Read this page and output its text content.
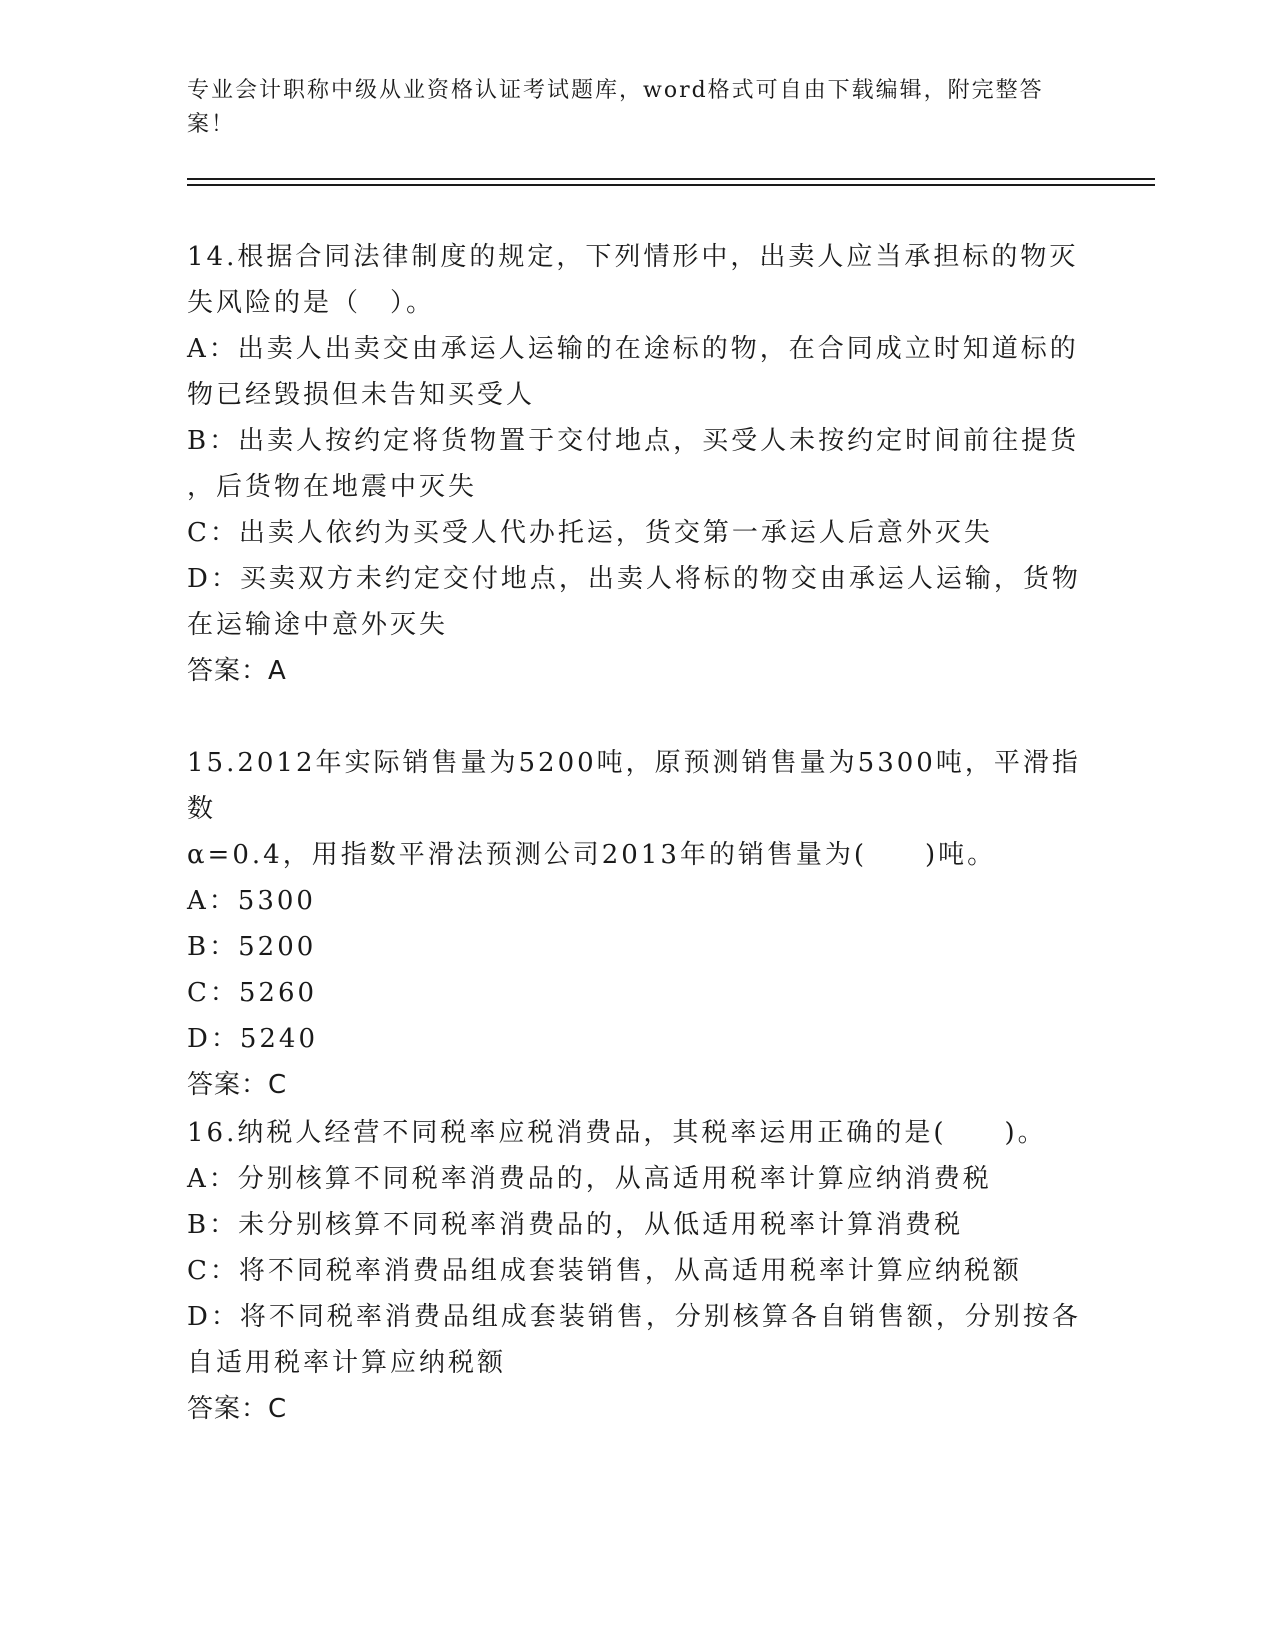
专业会计职称中级从业资格认证考试题库，word格式可自由下载编辑，附完整答
案！
14.根据合同法律制度的规定，下列情形中，出卖人应当承担标的物灭
失风险的是（　）。
A：出卖人出卖交由承运人运输的在途标的物，在合同成立时知道标的
物已经毁损但未告知买受人
B：出卖人按约定将货物置于交付地点，买受人未按约定时间前往提货
，后货物在地震中灭失
C：出卖人依约为买受人代办托运，货交第一承运人后意外灭失
D：买卖双方未约定交付地点，出卖人将标的物交由承运人运输，货物
在运输途中意外灭失
答案：A
15.2012年实际销售量为5200吨，原预测销售量为5300吨，平滑指数
α=0.4，用指数平滑法预测公司2013年的销售量为(　　)吨。
A：5300
B：5200
C：5260
D：5240
答案：C
16.纳税人经营不同税率应税消费品，其税率运用正确的是(　　)。
A：分别核算不同税率消费品的，从高适用税率计算应纳消费税
B：未分别核算不同税率消费品的，从低适用税率计算消费税
C：将不同税率消费品组成套装销售，从高适用税率计算应纳税额
D：将不同税率消费品组成套装销售，分别核算各自销售额，分别按各
自适用税率计算应纳税额
答案：C
